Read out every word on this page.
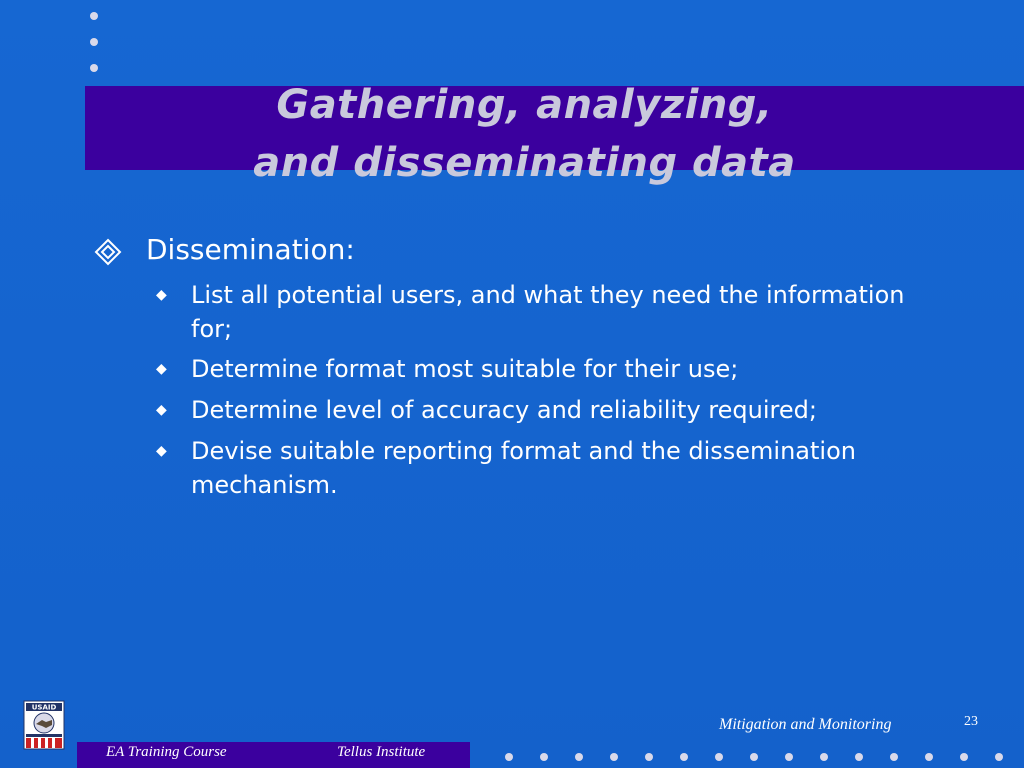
Gathering, analyzing,
and disseminating data
Dissemination:
◆ List all potential users, and what they need the information for;
◆ Determine format most suitable for their use;
◆ Determine level of accuracy and reliability required;
◆ Devise suitable reporting format and the dissemination mechanism.
USAID
EA Training Course	Tellus Institute
Mitigation and Monitoring	23
